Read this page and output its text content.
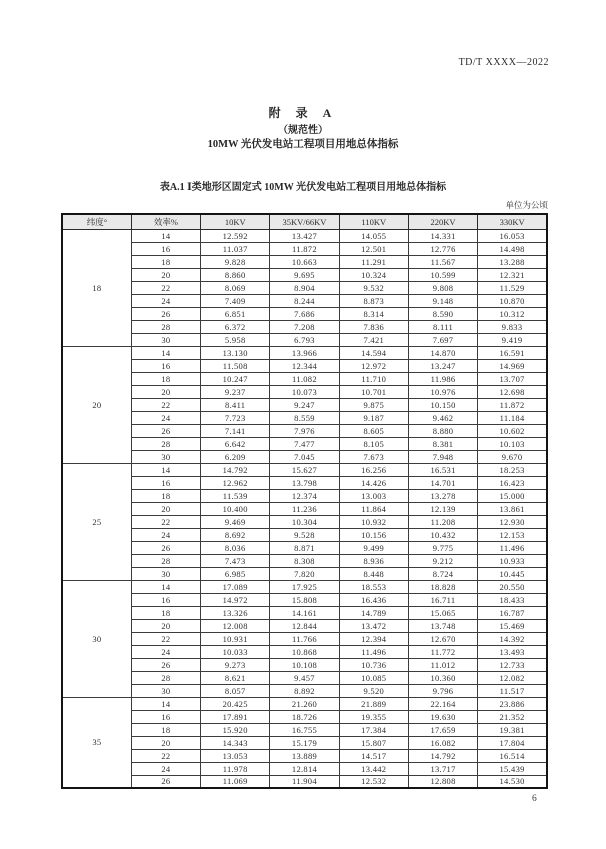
TD/T XXXX—2022
附 录 A
（规范性）
10MW 光伏发电站工程项目用地总体指标
表A.1 Ⅰ类地形区固定式 10MW 光伏发电站工程项目用地总体指标
单位为公顷
纬度°	效率%	10KV	35KV/66KV	110KV	220KV	330KV
18	14	12.592	13.427	14.055	14.331	16.053
	16	11.037	11.872	12.501	12.776	14.498
	18	9.828	10.663	11.291	11.567	13.288
	20	8.860	9.695	10.324	10.599	12.321
	22	8.069	8.904	9.532	9.808	11.529
	24	7.409	8.244	8.873	9.148	10.870
	26	6.851	7.686	8.314	8.590	10.312
	28	6.372	7.208	7.836	8.111	9.833
	30	5.958	6.793	7.421	7.697	9.419
20	14	13.130	13.966	14.594	14.870	16.591
	16	11.508	12.344	12.972	13.247	14.969
	18	10.247	11.082	11.710	11.986	13.707
	20	9.237	10.073	10.701	10.976	12.698
	22	8.411	9.247	9.875	10.150	11.872
	24	7.723	8.559	9.187	9.462	11.184
	26	7.141	7.976	8.605	8.880	10.602
	28	6.642	7.477	8.105	8.381	10.103
	30	6.209	7.045	7.673	7.948	9.670
25	14	14.792	15.627	16.256	16.531	18.253
	16	12.962	13.798	14.426	14.701	16.423
	18	11.539	12.374	13.003	13.278	15.000
	20	10.400	11.236	11.864	12.139	13.861
	22	9.469	10.304	10.932	11.208	12.930
	24	8.692	9.528	10.156	10.432	12.153
	26	8.036	8.871	9.499	9.775	11.496
	28	7.473	8.308	8.936	9.212	10.933
	30	6.985	7.820	8.448	8.724	10.445
30	14	17.089	17.925	18.553	18.828	20.550
	16	14.972	15.808	16.436	16.711	18.433
	18	13.326	14.161	14.789	15.065	16.787
	20	12.008	12.844	13.472	13.748	15.469
	22	10.931	11.766	12.394	12.670	14.392
	24	10.033	10.868	11.496	11.772	13.493
	26	9.273	10.108	10.736	11.012	12.733
	28	8.621	9.457	10.085	10.360	12.082
	30	8.057	8.892	9.520	9.796	11.517
35	14	20.425	21.260	21.889	22.164	23.886
	16	17.891	18.726	19.355	19.630	21.352
	18	15.920	16.755	17.384	17.659	19.381
	20	14.343	15.179	15.807	16.082	17.804
	22	13.053	13.889	14.517	14.792	16.514
	24	11.978	12.814	13.442	13.717	15.439
	26	11.069	11.904	12.532	12.808	14.530
6
